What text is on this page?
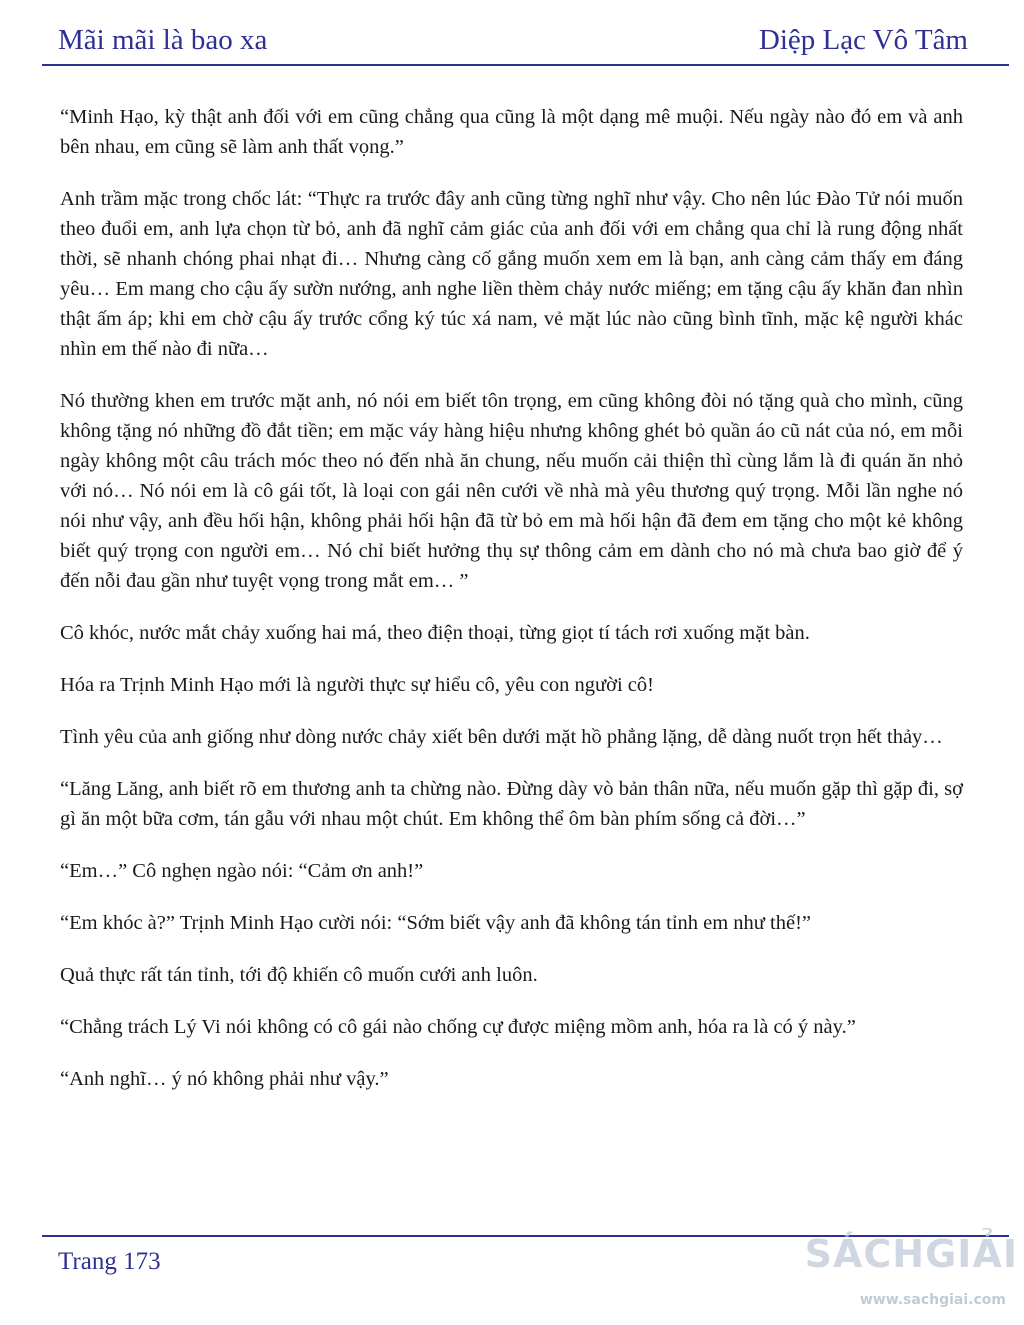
Mãi mãi là bao xa	Diệp Lạc Vô Tâm

“Minh Hạo, kỳ thật anh đối với em cũng chẳng qua cũng là một dạng mê muội. Nếu ngày nào đó em và anh bên nhau, em cũng sẽ làm anh thất vọng.”

Anh trầm mặc trong chốc lát: “Thực ra trước đây anh cũng từng nghĩ như vậy. Cho nên lúc Đào Tử nói muốn theo đuổi em, anh lựa chọn từ bỏ, anh đã nghĩ cảm giác của anh đối với em chẳng qua chỉ là rung động nhất thời, sẽ nhanh chóng phai nhạt đi… Nhưng càng cố gắng muốn xem em là bạn, anh càng cảm thấy em đáng yêu… Em mang cho cậu ấy sườn nướng, anh nghe liền thèm chảy nước miếng; em tặng cậu ấy khăn đan nhìn thật ấm áp; khi em chờ cậu ấy trước cổng ký túc xá nam, vẻ mặt lúc nào cũng bình tĩnh, mặc kệ người khác nhìn em thế nào đi nữa…

Nó thường khen em trước mặt anh, nó nói em biết tôn trọng, em cũng không đòi nó tặng quà cho mình, cũng không tặng nó những đồ đắt tiền; em mặc váy hàng hiệu nhưng không ghét bỏ quần áo cũ nát của nó, em mỗi ngày không một câu trách móc theo nó đến nhà ăn chung, nếu muốn cải thiện thì cùng lắm là đi quán ăn nhỏ với nó… Nó nói em là cô gái tốt, là loại con gái nên cưới về nhà mà yêu thương quý trọng. Mỗi lần nghe nó nói như vậy, anh đều hối hận, không phải hối hận đã từ bỏ em mà hối hận đã đem em tặng cho một kẻ không biết quý trọng con người em… Nó chỉ biết hưởng thụ sự thông cảm em dành cho nó mà chưa bao giờ để ý đến nỗi đau gần như tuyệt vọng trong mắt em… ”

Cô khóc, nước mắt chảy xuống hai má, theo điện thoại, từng giọt tí tách rơi xuống mặt bàn.

Hóa ra Trịnh Minh Hạo mới là người thực sự hiểu cô, yêu con người cô!

Tình yêu của anh giống như dòng nước chảy xiết bên dưới mặt hồ phẳng lặng, dễ dàng nuốt trọn hết thảy…

“Lăng Lăng, anh biết rõ em thương anh ta chừng nào. Đừng dày vò bản thân nữa, nếu muốn gặp thì gặp đi, sợ gì ăn một bữa cơm, tán gẫu với nhau một chút. Em không thể ôm bàn phím sống cả đời…”

“Em…” Cô nghẹn ngào nói: “Cảm ơn anh!”

“Em khóc à?” Trịnh Minh Hạo cười nói: “Sớm biết vậy anh đã không tán tỉnh em như thế!”

Quả thực rất tán tỉnh, tới độ khiến cô muốn cưới anh luôn.

“Chẳng trách Lý Vi nói không có cô gái nào chống cự được miệng mồm anh, hóa ra là có ý này.”

“Anh nghĩ… ý nó không phải như vậy.”

Trang 173	SÁCHGIẢI
www.sachgiai.com
